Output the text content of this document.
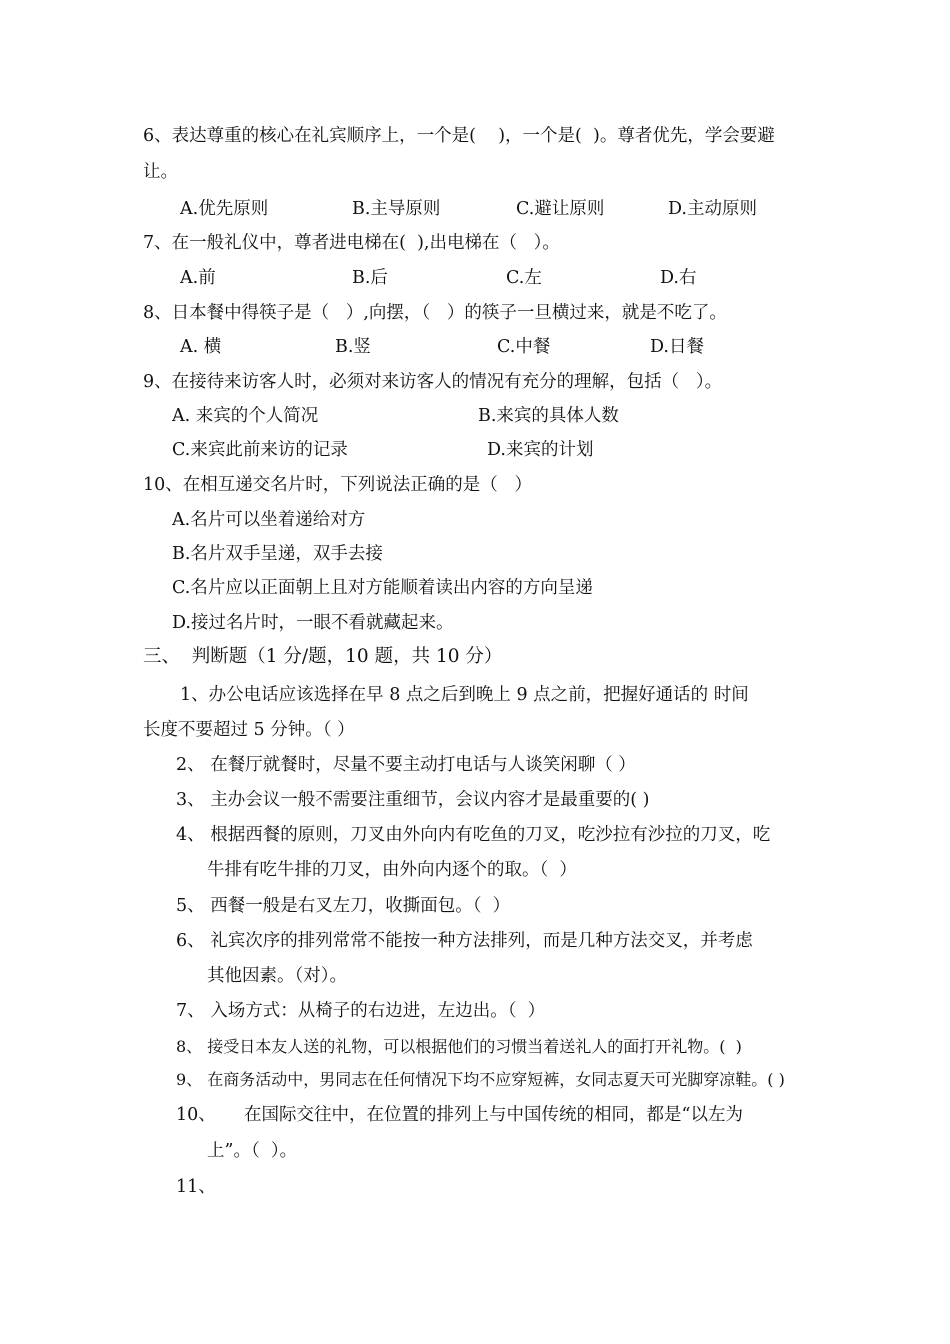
6、表达尊重的核心在礼宾顺序上，一个是(    )，一个是(  )。尊者优先，学会要避
让。
A.优先原则	B.主导原则	C.避让原则	D.主动原则
7、在一般礼仪中，尊者进电梯在(  ),出电梯在（   ）。
A.前	B.后	C.左	D.右
8、日本餐中得筷子是（   ）,向摆，（   ）的筷子一旦横过来，就是不吃了。
A. 横	B.竖	C.中餐	D.日餐
9、在接待来访客人时，必须对来访客人的情况有充分的理解，包括（   ）。
A. 来宾的个人简况	B.来宾的具体人数
C.来宾此前来访的记录	D.来宾的计划
10、在相互递交名片时，下列说法正确的是（   ）
A.名片可以坐着递给对方
B.名片双手呈递，双手去接
C.名片应以正面朝上且对方能顺着读出内容的方向呈递
D.接过名片时，一眼不看就藏起来。
三、  判断题（1 分/题，10 题，共 10 分）
1、办公电话应该选择在早 8 点之后到晚上 9 点之前，把握好通话的 时间
长度不要超过 5 分钟。（ ）
2、 在餐厅就餐时，尽量不要主动打电话与人谈笑闲聊（ ）
3、 主办会议一般不需要注重细节，会议内容才是最重要的( )
4、 根据西餐的原则，刀叉由外向内有吃鱼的刀叉，吃沙拉有沙拉的刀叉，吃
牛排有吃牛排的刀叉，由外向内逐个的取。（  ）
5、 西餐一般是右叉左刀，收撕面包。（  ）
6、 礼宾次序的排列常常不能按一种方法排列，而是几种方法交叉，并考虑
其他因素。（对）。
7、 入场方式：从椅子的右边进，左边出。（  ）
8、 接受日本友人送的礼物，可以根据他们的习惯当着送礼人的面打开礼物。(  )
9、 在商务活动中，男同志在任何情况下均不应穿短裤，女同志夏天可光脚穿凉鞋。( )
10、 在国际交往中，在位置的排列上与中国传统的相同，都是“以左为
上”。（  ）。
11、
